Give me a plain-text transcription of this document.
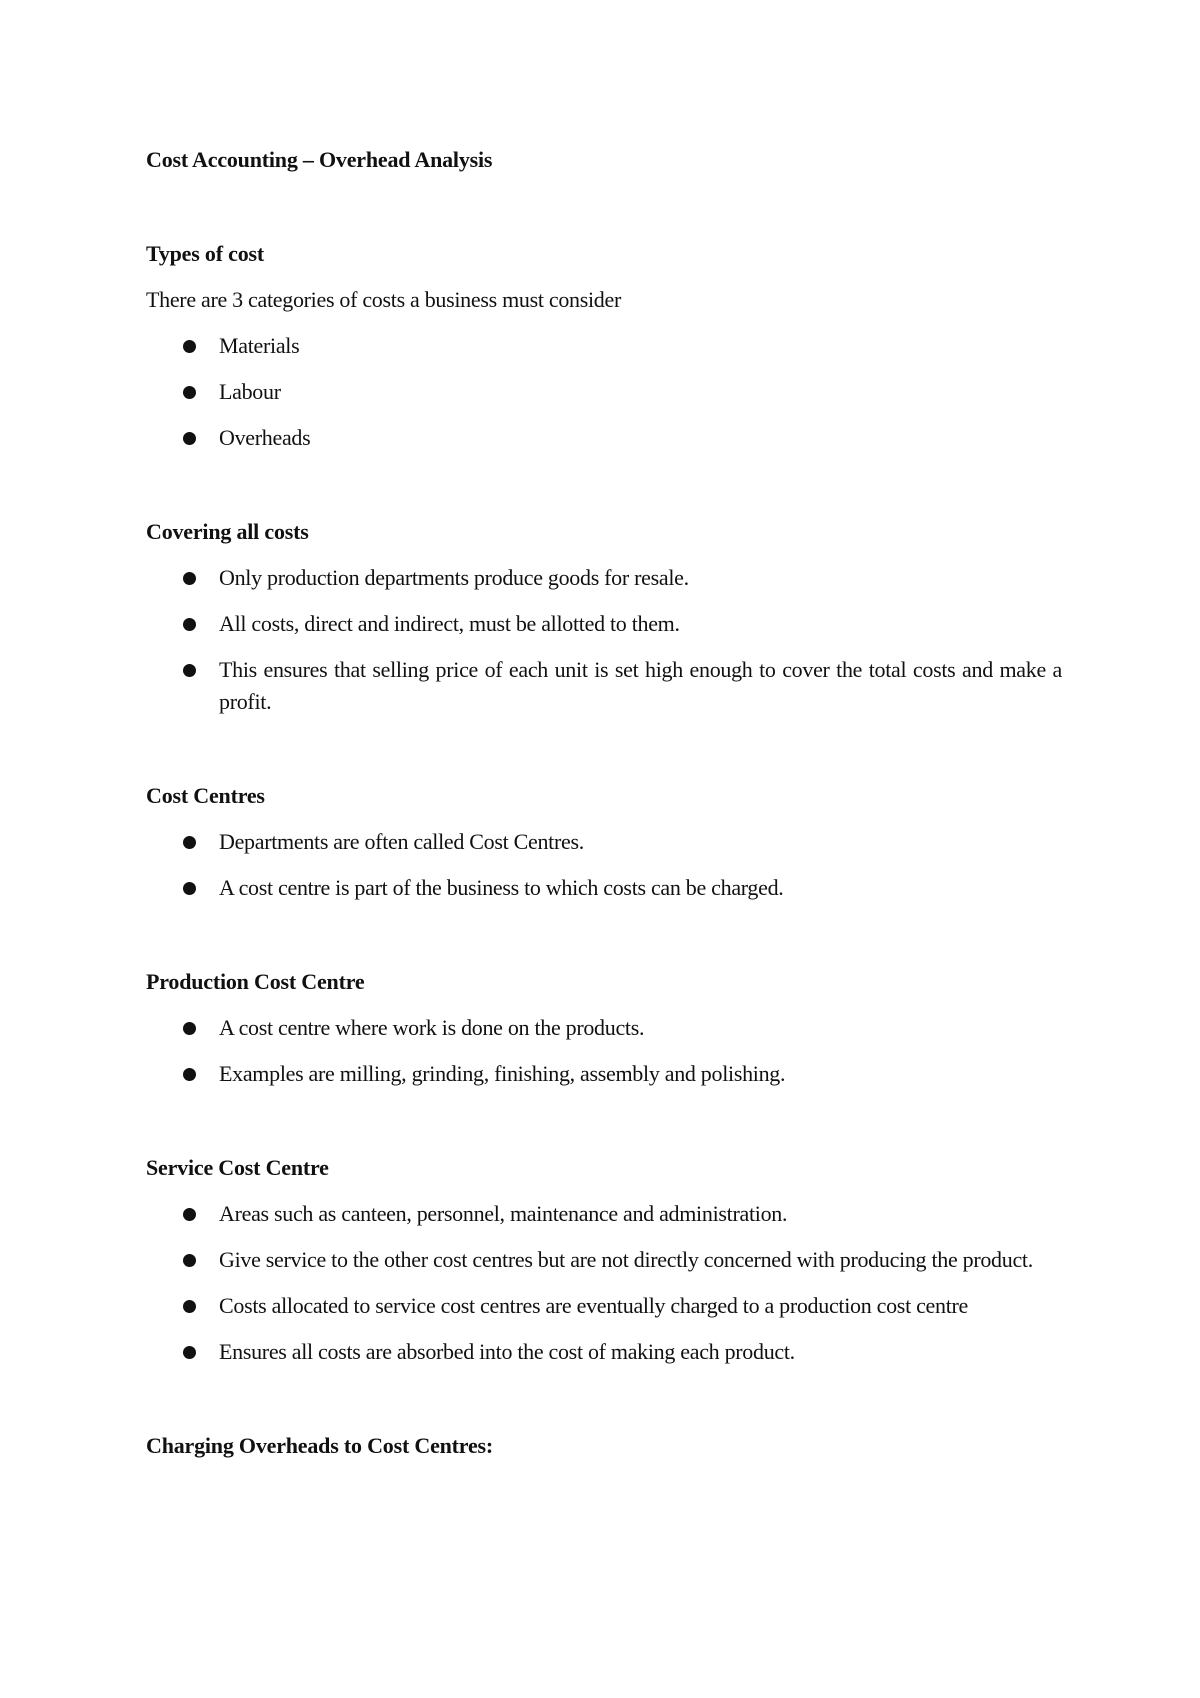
Cost Accounting – Overhead Analysis
Types of cost

There are 3 categories of costs a business must consider

Materials
Labour
Overheads
Covering all costs
Only production departments produce goods for resale.
All costs, direct and indirect, must be allotted to them.
This ensures that selling price of each unit is set high enough to cover the total costs and make a profit.
Cost Centres
Departments are often called Cost Centres.
A cost centre is part of the business to which costs can be charged.
Production Cost Centre
A cost centre where work is done on the products.
Examples are milling, grinding, finishing, assembly and polishing.
Service Cost Centre
Areas such as canteen, personnel, maintenance and administration.
Give service to the other cost centres but are not directly concerned with producing the product.
Costs allocated to service cost centres are eventually charged to a production cost centre
Ensures all costs are absorbed into the cost of making each product.
Charging Overheads to Cost Centres:
